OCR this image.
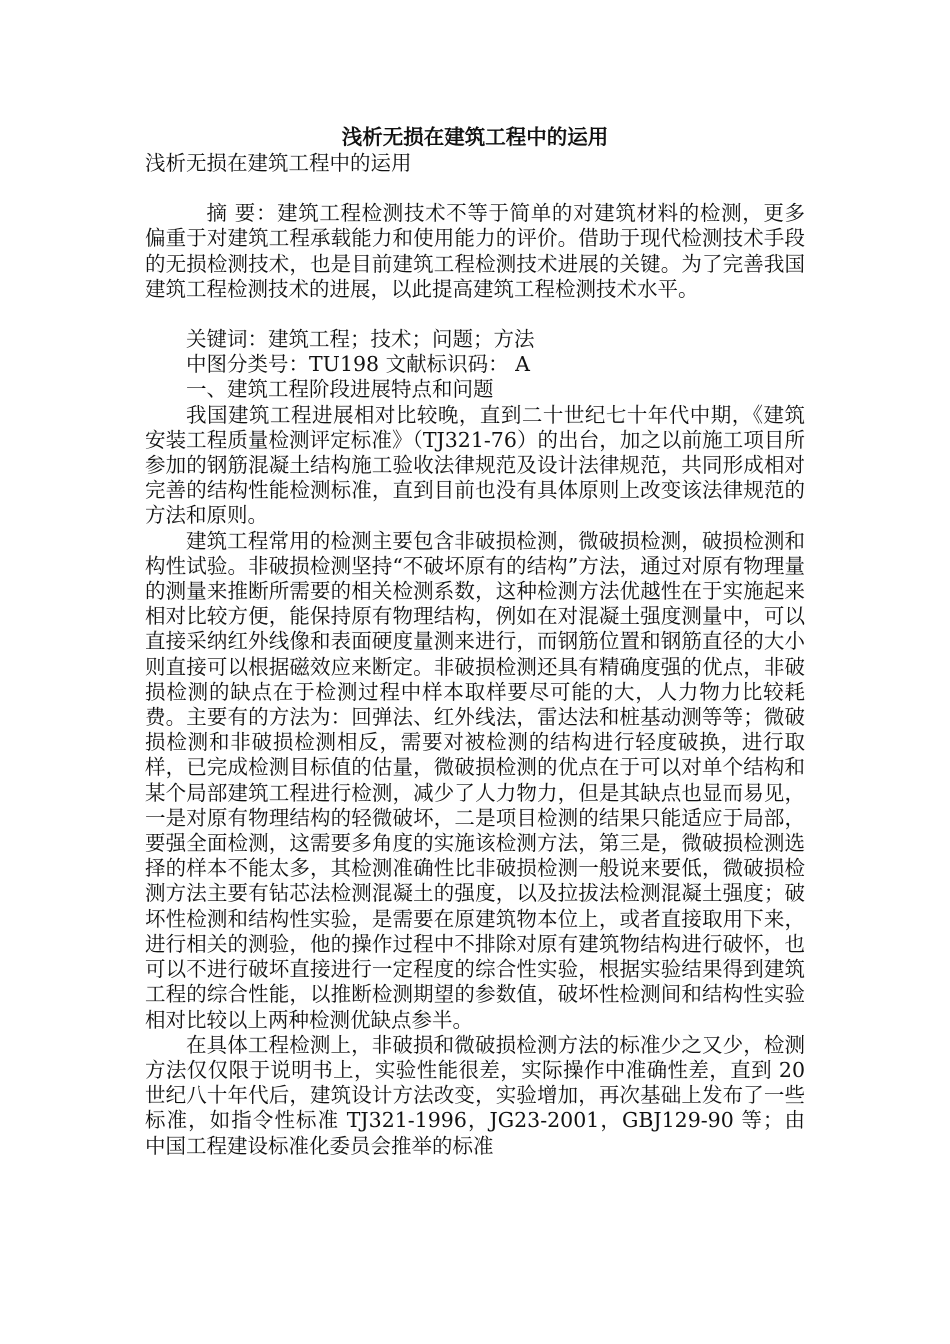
浅析无损在建筑工程中的运用

浅析无损在建筑工程中的运用

摘 要：建筑工程检测技术不等于简单的对建筑材料的检测，更多偏重于对建筑工程承载能力和使用能力的评价。借助于现代检测技术手段的无损检测技术，也是目前建筑工程检测技术进展的关键。为了完善我国建筑工程检测技术的进展，以此提高建筑工程检测技术水平。

关键词：建筑工程；技术；问题；方法

中图分类号：TU198 文献标识码： A

一、建筑工程阶段进展特点和问题

我国建筑工程进展相对比较晚，直到二十世纪七十年代中期，《建筑安装工程质量检测评定标准》（TJ321-76）的出台，加之以前施工项目所参加的钢筋混凝土结构施工验收法律规范及设计法律规范，共同形成相对完善的结构性能检测标准，直到目前也没有具体原则上改变该法律规范的方法和原则。

建筑工程常用的检测主要包含非破损检测，微破损检测，破损检测和构性试验。非破损检测坚持“不破坏原有的结构”方法，通过对原有物理量的测量来推断所需要的相关检测系数，这种检测方法优越性在于实施起来相对比较方便，能保持原有物理结构，例如在对混凝土强度测量中，可以直接采纳红外线像和表面硬度量测来进行，而钢筋位置和钢筋直径的大小则直接可以根据磁效应来断定。非破损检测还具有精确度强的优点，非破损检测的缺点在于检测过程中样本取样要尽可能的大，人力物力比较耗费。主要有的方法为：回弹法、红外线法，雷达法和桩基动测等等；微破损检测和非破损检测相反，需要对被检测的结构进行轻度破换，进行取样，已完成检测目标值的估量，微破损检测的优点在于可以对单个结构和某个局部建筑工程进行检测，减少了人力物力，但是其缺点也显而易见，一是对原有物理结构的轻微破坏，二是项目检测的结果只能适应于局部，要强全面检测，这需要多角度的实施该检测方法，第三是，微破损检测选择的样本不能太多，其检测准确性比非破损检测一般说来要低，微破损检测方法主要有钻芯法检测混凝土的强度，以及拉拔法检测混凝土强度；破坏性检测和结构性实验，是需要在原建筑物本位上，或者直接取用下来，进行相关的测验，他的操作过程中不排除对原有建筑物结构进行破怀，也可以不进行破坏直接进行一定程度的综合性实验，根据实验结果得到建筑工程的综合性能，以推断检测期望的参数值，破坏性检测间和结构性实验相对比较以上两种检测优缺点参半。

在具体工程检测上，非破损和微破损检测方法的标准少之又少，检测方法仅仅限于说明书上，实验性能很差，实际操作中准确性差，直到 20 世纪八十年代后，建筑设计方法改变，实验增加，再次基础上发布了一些标准，如指令性标准 TJ321-1996，JG23-2001，GBJ129-90 等；由中国工程建设标准化委员会推举的标准
